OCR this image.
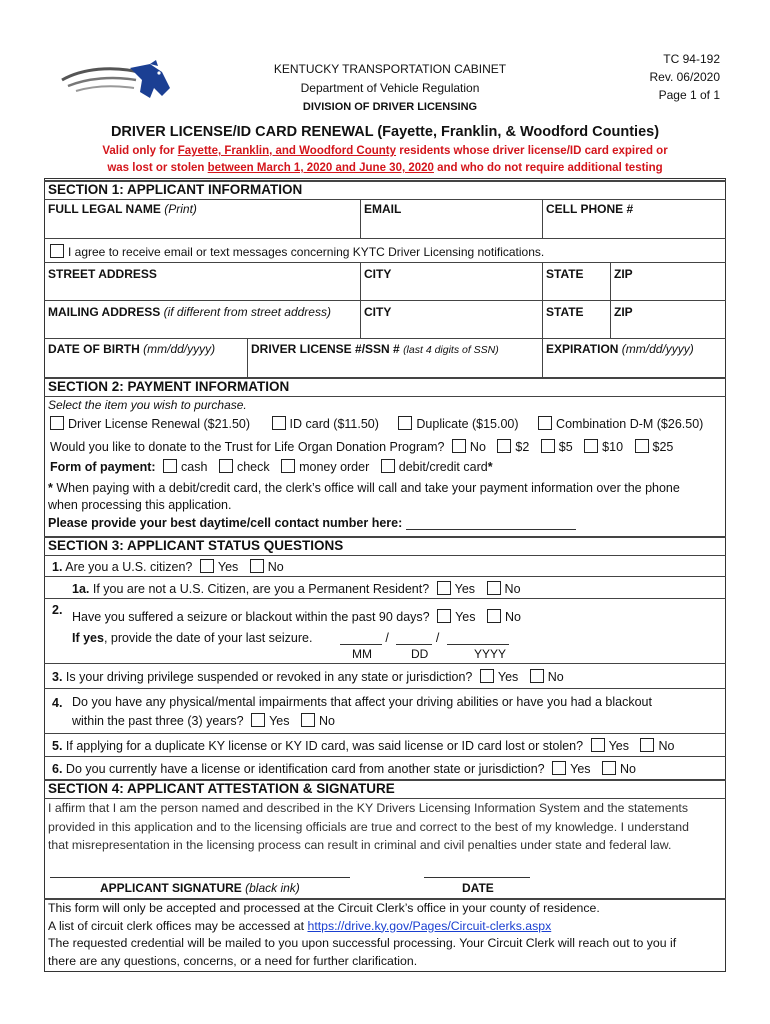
KENTUCKY TRANSPORTATION CABINET
Department of Vehicle Regulation
DIVISION OF DRIVER LICENSING
TC 94-192
Rev. 06/2020
Page 1 of 1
DRIVER LICENSE/ID CARD RENEWAL (Fayette, Franklin, & Woodford Counties)
Valid only for Fayette, Franklin, and Woodford County residents whose driver license/ID card expired or
was lost or stolen between March 1, 2020 and June 30, 2020 and who do not require additional testing
SECTION 1: APPLICANT INFORMATION
FULL LEGAL NAME (Print)	EMAIL	CELL PHONE #
I agree to receive email or text messages concerning KYTC Driver Licensing notifications.
STREET ADDRESS	CITY	STATE	ZIP
MAILING ADDRESS (if different from street address)	CITY	STATE	ZIP
DATE OF BIRTH (mm/dd/yyyy)	DRIVER LICENSE #/SSN # (last 4 digits of SSN)	EXPIRATION (mm/dd/yyyy)
SECTION 2: PAYMENT INFORMATION
Select the item you wish to purchase.
Driver License Renewal ($21.50)	ID card ($11.50)	Duplicate ($15.00)	Combination D-M ($26.50)
Would you like to donate to the Trust for Life Organ Donation Program? No $2 $5 $10 $25
Form of payment: cash check money order debit/credit card*
* When paying with a debit/credit card, the clerk’s office will call and take your payment information over the phone
when processing this application.
Please provide your best daytime/cell contact number here:
SECTION 3: APPLICANT STATUS QUESTIONS
1. Are you a U.S. citizen? Yes No
1a. If you are not a U.S. Citizen, are you a Permanent Resident? Yes No
2. Have you suffered a seizure or blackout within the past 90 days? Yes No
If yes, provide the date of your last seizure.	/	/
MM	DD	YYYY
3. Is your driving privilege suspended or revoked in any state or jurisdiction? Yes No
4. Do you have any physical/mental impairments that affect your driving abilities or have you had a blackout
within the past three (3) years? Yes No
5. If applying for a duplicate KY license or KY ID card, was said license or ID card lost or stolen? Yes No
6. Do you currently have a license or identification card from another state or jurisdiction? Yes No
SECTION 4: APPLICANT ATTESTATION & SIGNATURE
I affirm that I am the person named and described in the KY Drivers Licensing Information System and the statements
provided in this application and to the licensing officials are true and correct to the best of my knowledge. I understand
that misrepresentation in the licensing process can result in criminal and civil penalties under state and federal law.
APPLICANT SIGNATURE (black ink)	DATE
This form will only be accepted and processed at the Circuit Clerk’s office in your county of residence.
A list of circuit clerk offices may be accessed at https://drive.ky.gov/Pages/Circuit-clerks.aspx
The requested credential will be mailed to you upon successful processing. Your Circuit Clerk will reach out to you if
there are any questions, concerns, or a need for further clarification.
